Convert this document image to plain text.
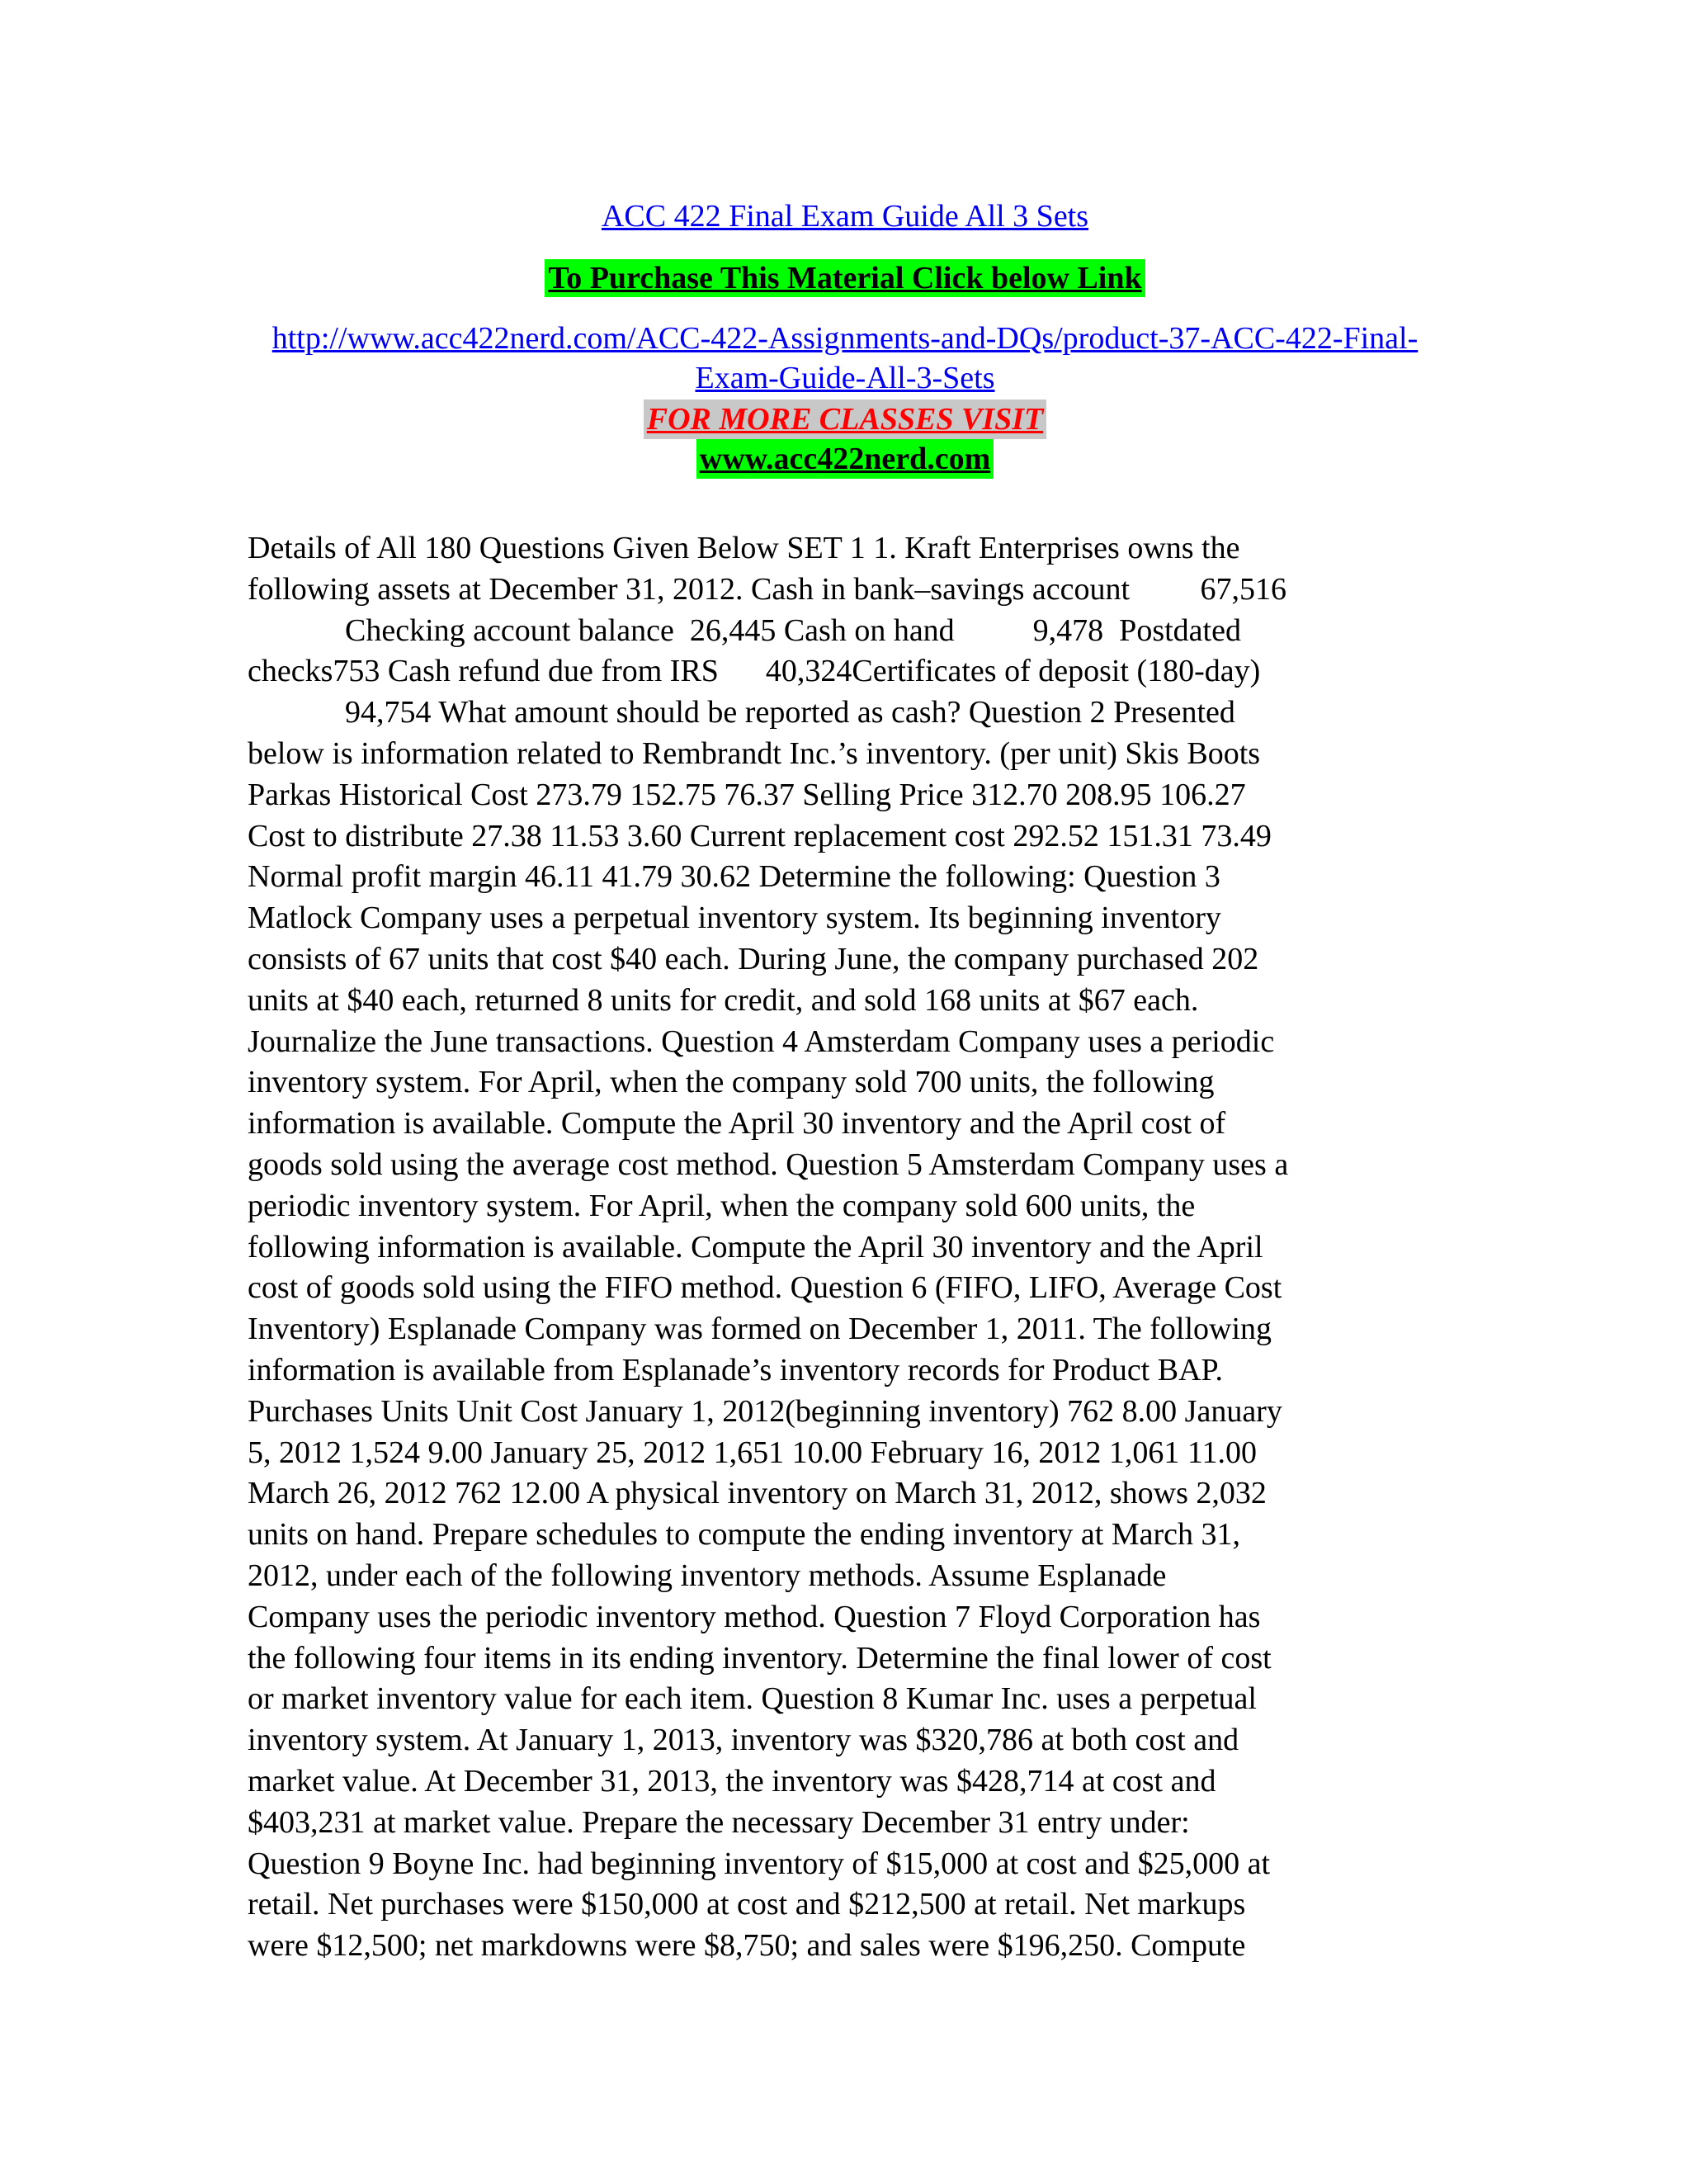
ACC 422 Final Exam Guide All 3 Sets
To Purchase This Material Click below Link
http://www.acc422nerd.com/ACC-422-Assignments-and-DQs/product-37-ACC-422-Final-Exam-Guide-All-3-Sets
FOR MORE CLASSES VISIT
www.acc422nerd.com
Details of All 180 Questions Given Below SET 1 1. Kraft Enterprises owns the
following assets at December 31, 2012. Cash in bank–savings account         67,516
Checking account balance  26,445 Cash on hand          9,478  Postdated
checks753 Cash refund due from IRS      40,324Certificates of deposit (180-day)
94,754 What amount should be reported as cash? Question 2 Presented
below is information related to Rembrandt Inc.’s inventory. (per unit) Skis Boots
Parkas Historical Cost 273.79 152.75 76.37 Selling Price 312.70 208.95 106.27
Cost to distribute 27.38 11.53 3.60 Current replacement cost 292.52 151.31 73.49
Normal profit margin 46.11 41.79 30.62 Determine the following: Question 3
Matlock Company uses a perpetual inventory system. Its beginning inventory
consists of 67 units that cost $40 each. During June, the company purchased 202
units at $40 each, returned 8 units for credit, and sold 168 units at $67 each.
Journalize the June transactions. Question 4 Amsterdam Company uses a periodic
inventory system. For April, when the company sold 700 units, the following
information is available. Compute the April 30 inventory and the April cost of
goods sold using the average cost method. Question 5 Amsterdam Company uses a
periodic inventory system. For April, when the company sold 600 units, the
following information is available. Compute the April 30 inventory and the April
cost of goods sold using the FIFO method. Question 6 (FIFO, LIFO, Average Cost
Inventory) Esplanade Company was formed on December 1, 2011. The following
information is available from Esplanade’s inventory records for Product BAP.
Purchases Units Unit Cost January 1, 2012(beginning inventory) 762 8.00 January
5, 2012 1,524 9.00 January 25, 2012 1,651 10.00 February 16, 2012 1,061 11.00
March 26, 2012 762 12.00 A physical inventory on March 31, 2012, shows 2,032
units on hand. Prepare schedules to compute the ending inventory at March 31,
2012, under each of the following inventory methods. Assume Esplanade
Company uses the periodic inventory method. Question 7 Floyd Corporation has
the following four items in its ending inventory. Determine the final lower of cost
or market inventory value for each item. Question 8 Kumar Inc. uses a perpetual
inventory system. At January 1, 2013, inventory was $320,786 at both cost and
market value. At December 31, 2013, the inventory was $428,714 at cost and
$403,231 at market value. Prepare the necessary December 31 entry under:
Question 9 Boyne Inc. had beginning inventory of $15,000 at cost and $25,000 at
retail. Net purchases were $150,000 at cost and $212,500 at retail. Net markups
were $12,500; net markdowns were $8,750; and sales were $196,250. Compute
